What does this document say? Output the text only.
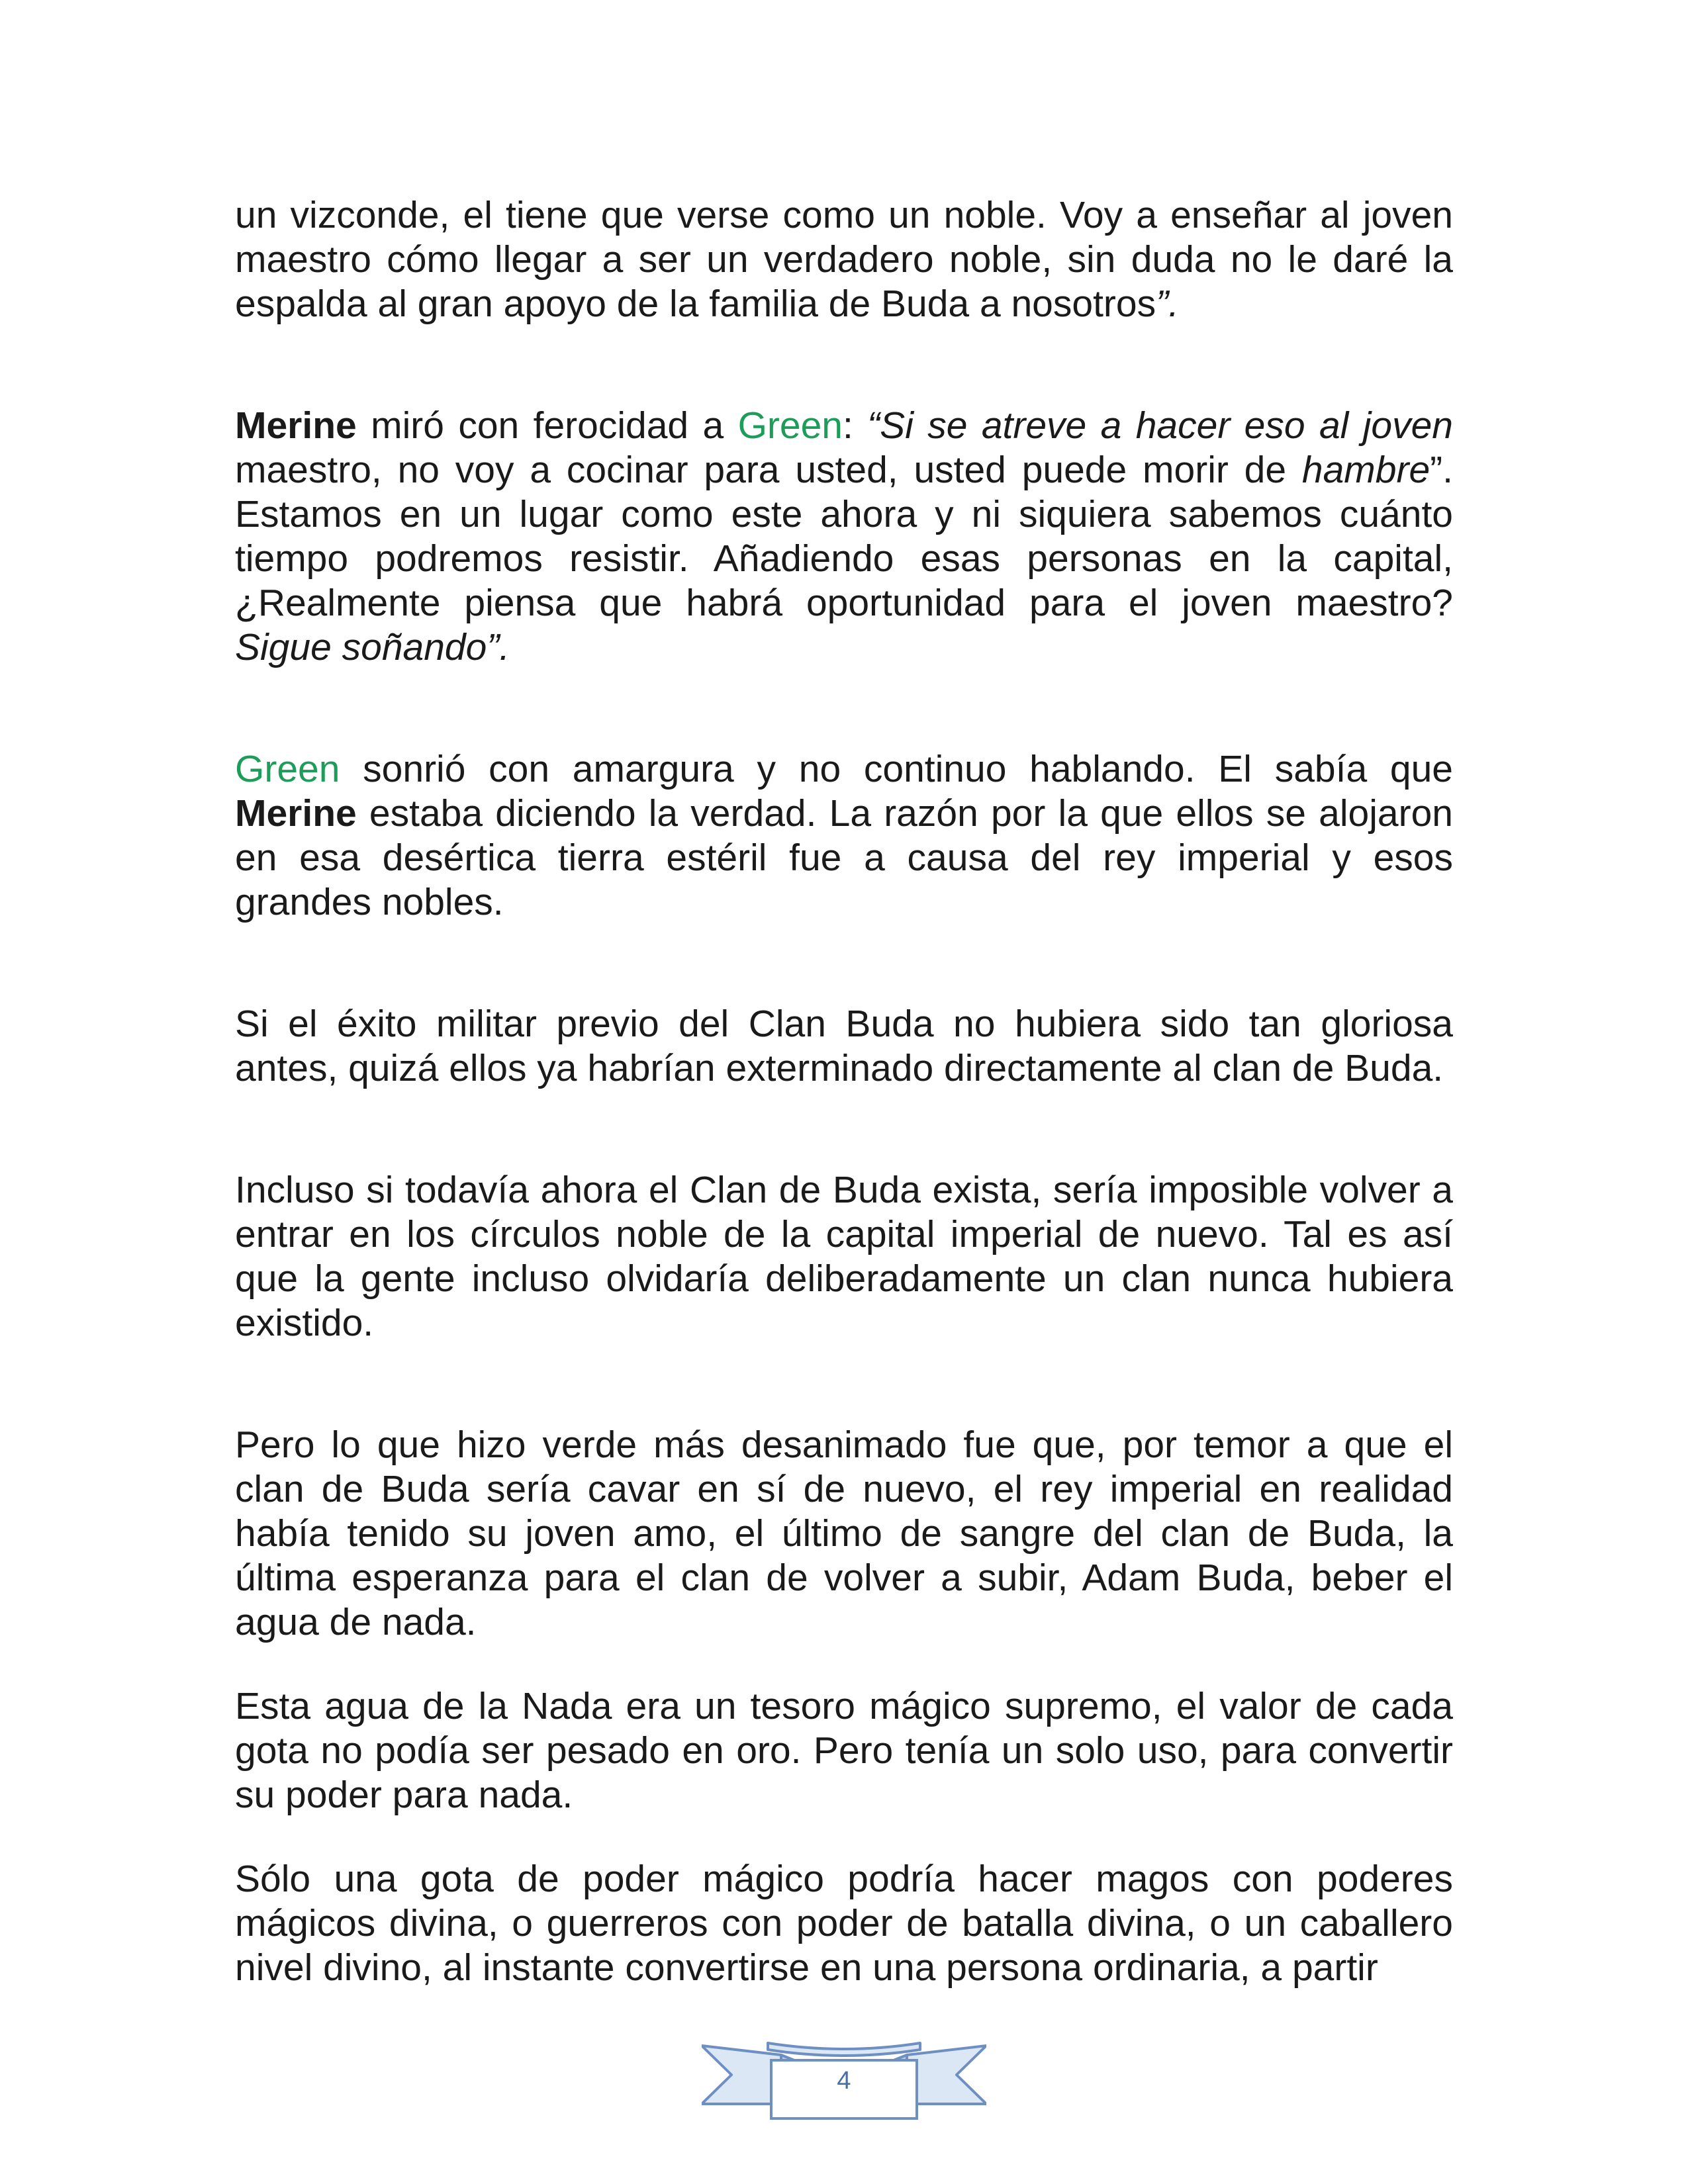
un vizconde, el tiene que verse como un noble. Voy a enseñar al joven maestro cómo llegar a ser un verdadero noble, sin duda no le daré la espalda al gran apoyo de la familia de Buda a nosotros”.

Merine miró con ferocidad a Green: “Si se atreve a hacer eso al joven maestro, no voy a cocinar para usted, usted puede morir de hambre”. Estamos en un lugar como este ahora y ni siquiera sabemos cuánto tiempo podremos resistir. Añadiendo esas personas en la capital, ¿Realmente piensa que habrá oportunidad para el joven maestro? Sigue soñando”.

Green sonrió con amargura y no continuo hablando. El sabía que Merine estaba diciendo la verdad. La razón por la que ellos se alojaron en esa desértica tierra estéril fue a causa del rey imperial y esos grandes nobles.

Si el éxito militar previo del Clan Buda no hubiera sido tan gloriosa antes, quizá ellos ya habrían exterminado directamente al clan de Buda.

Incluso si todavía ahora el Clan de Buda exista, sería imposible volver a entrar en los círculos noble de la capital imperial de nuevo. Tal es así que la gente incluso olvidaría deliberadamente un clan nunca hubiera existido.

Pero lo que hizo verde más desanimado fue que, por temor a que el clan de Buda sería cavar en sí de nuevo, el rey imperial en realidad había tenido su joven amo, el último de sangre del clan de Buda, la última esperanza para el clan de volver a subir, Adam Buda, beber el agua de nada.

Esta agua de la Nada era un tesoro mágico supremo, el valor de cada gota no podía ser pesado en oro. Pero tenía un solo uso, para convertir su poder para nada.

Sólo una gota de poder mágico podría hacer magos con poderes mágicos divina, o guerreros con poder de batalla divina, o un caballero nivel divino, al instante convertirse en una persona ordinaria, a partir

4
